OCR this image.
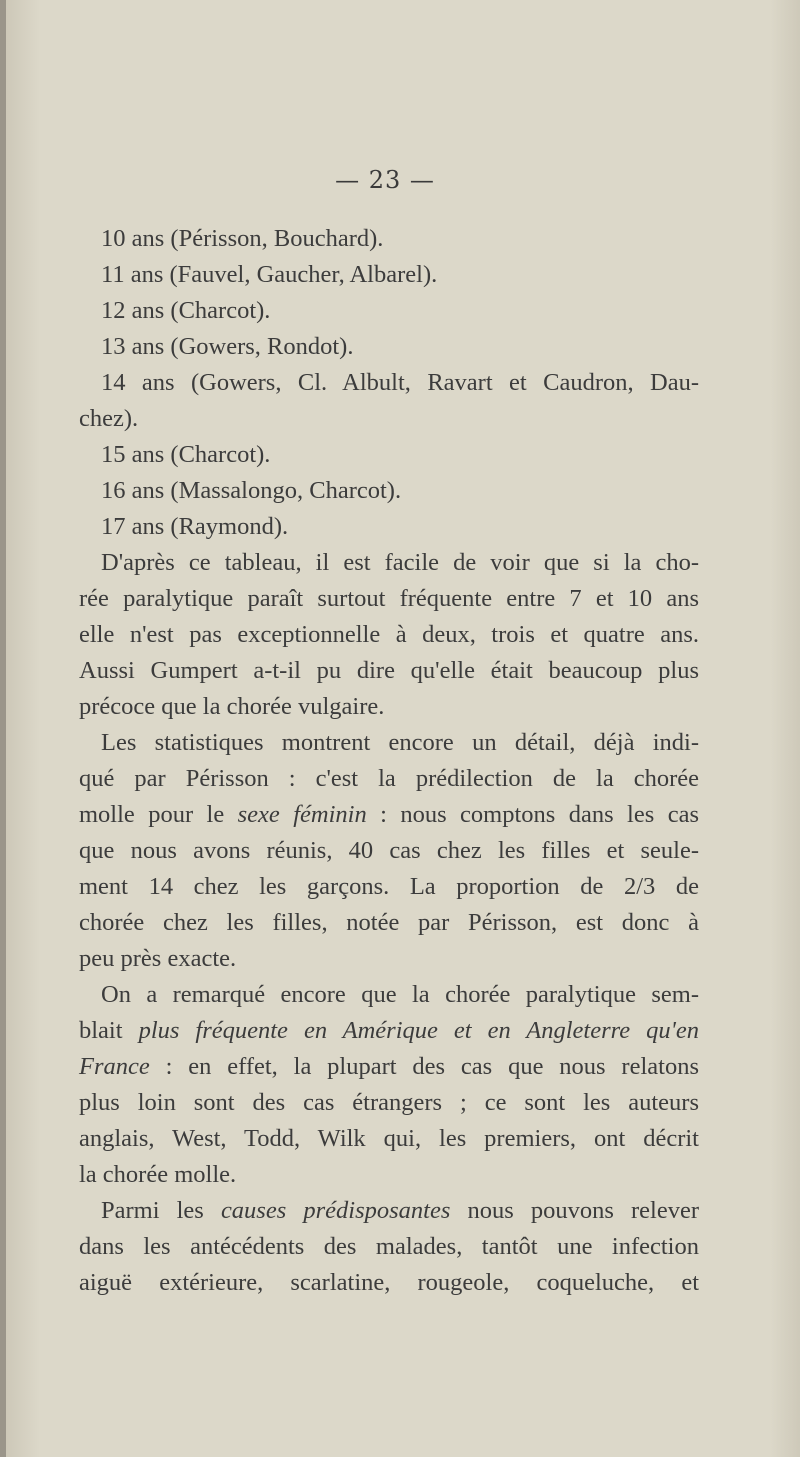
— 23 —
10 ans (Périsson, Bouchard).
11 ans (Fauvel, Gaucher, Albarel).
12 ans (Charcot).
13 ans (Gowers, Rondot).
14 ans (Gowers, Cl. Albult, Ravart et Caudron, Dau-
chez).
15 ans (Charcot).
16 ans (Massalongo, Charcot).
17 ans (Raymond).
D'après ce tableau, il est facile de voir que si la cho-
rée paralytique paraît surtout fréquente entre 7 et 10 ans
elle n'est pas exceptionnelle à deux, trois et quatre ans.
Aussi Gumpert a-t-il pu dire qu'elle était beaucoup plus
précoce que la chorée vulgaire.
Les statistiques montrent encore un détail, déjà indi-
qué par Périsson : c'est la prédilection de la chorée
molle pour le sexe féminin : nous comptons dans les cas
que nous avons réunis, 40 cas chez les filles et seule-
ment 14 chez les garçons. La proportion de 2/3 de
chorée chez les filles, notée par Périsson, est donc à
peu près exacte.
On a remarqué encore que la chorée paralytique sem-
blait plus fréquente en Amérique et en Angleterre qu'en
France : en effet, la plupart des cas que nous relatons
plus loin sont des cas étrangers ; ce sont les auteurs
anglais, West, Todd, Wilk qui, les premiers, ont décrit
la chorée molle.
Parmi les causes prédisposantes nous pouvons relever
dans les antécédents des malades, tantôt une infection
aiguë extérieure, scarlatine, rougeole, coqueluche, et
